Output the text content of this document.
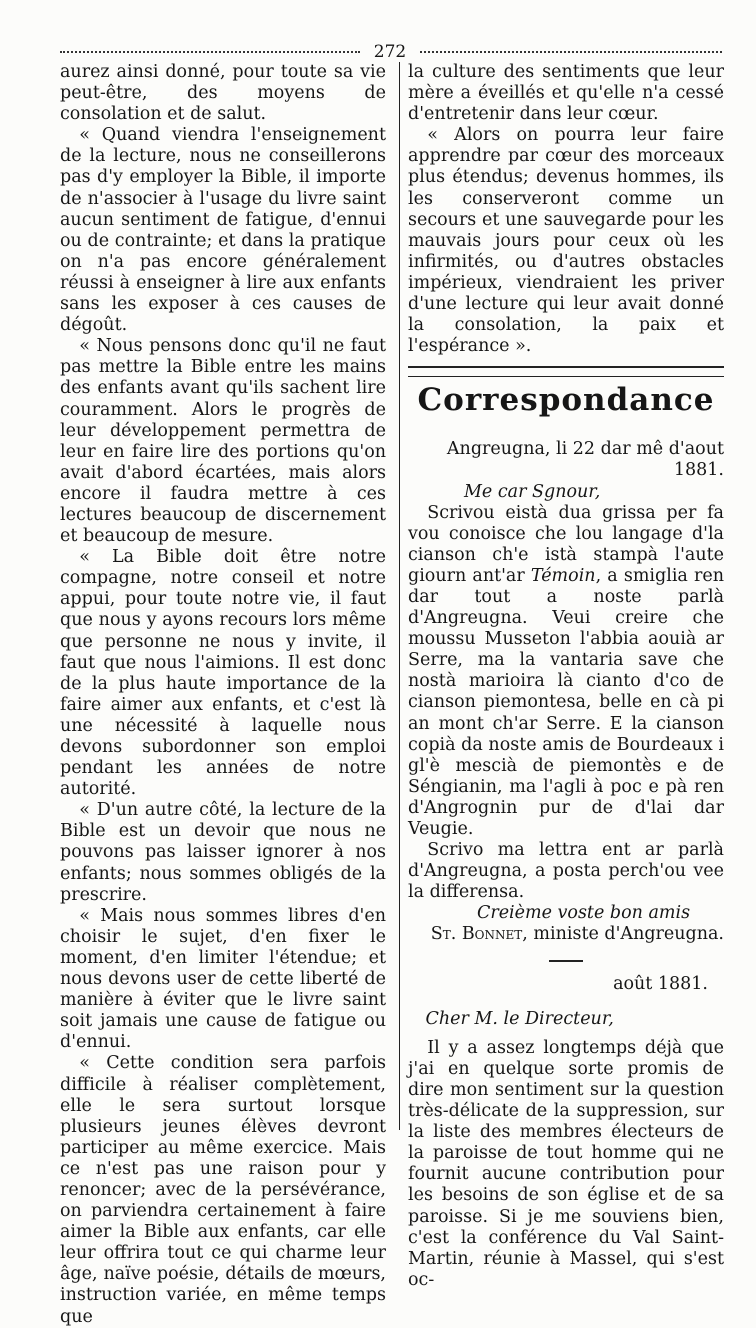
272

aurez ainsi donné, pour toute sa vie peut-être, des moyens de consolation et de salut.

« Quand viendra l'enseignement de la lecture, nous ne conseillerons pas d'y employer la Bible, il importe de n'associer à l'usage du livre saint aucun sentiment de fatigue, d'ennui ou de contrainte; et dans la pratique on n'a pas encore généralement réussi à enseigner à lire aux enfants sans les exposer à ces causes de dégoût.

« Nous pensons donc qu'il ne faut pas mettre la Bible entre les mains des enfants avant qu'ils sachent lire couramment. Alors le progrès de leur développement permettra de leur en faire lire des portions qu'on avait d'abord écartées, mais alors encore il faudra mettre à ces lectures beaucoup de discernement et beaucoup de mesure.

« La Bible doit être notre compagne, notre conseil et notre appui, pour toute notre vie, il faut que nous y ayons recours lors même que personne ne nous y invite, il faut que nous l'aimions. Il est donc de la plus haute importance de la faire aimer aux enfants, et c'est là une nécessité à laquelle nous devons subordonner son emploi pendant les années de notre autorité.

« D'un autre côté, la lecture de la Bible est un devoir que nous ne pouvons pas laisser ignorer à nos enfants; nous sommes obligés de la prescrire.

« Mais nous sommes libres d'en choisir le sujet, d'en fixer le moment, d'en limiter l'étendue; et nous devons user de cette liberté de manière à éviter que le livre saint soit jamais une cause de fatigue ou d'ennui.

« Cette condition sera parfois difficile à réaliser complètement, elle le sera surtout lorsque plusieurs jeunes élèves devront participer au même exercice. Mais ce n'est pas une raison pour y renoncer; avec de la persévérance, on parviendra certainement à faire aimer la Bible aux enfants, car elle leur offrira tout ce qui charme leur âge, naïve poésie, détails de mœurs, instruction variée, en même temps que

la culture des sentiments que leur mère a éveillés et qu'elle n'a cessé d'entretenir dans leur cœur.

« Alors on pourra leur faire apprendre par cœur des morceaux plus étendus; devenus hommes, ils les conserveront comme un secours et une sauvegarde pour les mauvais jours pour ceux où les infirmités, ou d'autres obstacles impérieux, viendraient les priver d'une lecture qui leur avait donné la consolation, la paix et l'espérance ».

Correspondance

Angreugna, li 22 dar mê d'aout 1881.

Me car Sgnour,

Scrivou eistà dua grissa per fa vou conoisce che lou langage d'la cianson ch'e istà stampà l'aute giourn ant'ar Témoin, a smiglia ren dar tout a noste parlà d'Angreugna. Veui creire che moussu Musseton l'abbia aouià ar Serre, ma la vantaria save che nostà marioira là cianto d'co de cianson piemontesa, belle en cà pi an mont ch'ar Serre. E la cianson copià da noste amis de Bourdeaux i gl'è mescià de piemontès e de Séngianin, ma l'agli à poc e pà ren d'Angrognin pur de d'lai dar Veugie.

Scrivo ma lettra ent ar parlà d'Angreugna, a posta perch'ou vee la differensa.

Creième voste bon amis

St. Bonnet, ministe d'Angreugna.

août 1881.

Cher M. le Directeur,

Il y a assez longtemps déjà que j'ai en quelque sorte promis de dire mon sentiment sur la question très-délicate de la suppression, sur la liste des membres électeurs de la paroisse de tout homme qui ne fournit aucune contribution pour les besoins de son église et de sa paroisse. Si je me souviens bien, c'est la conférence du Val Saint-Martin, réunie à Massel, qui s'est oc-
